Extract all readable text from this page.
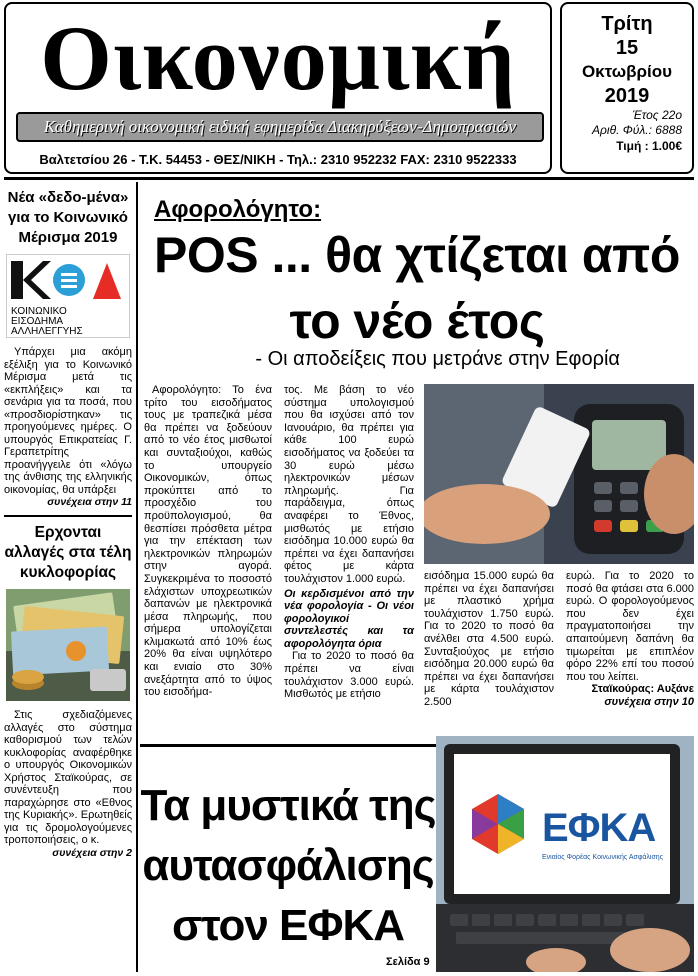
Οικονομική
Καθημερινή οικονομική ειδική εφημερίδα Διακηρύξεων-Δημοπρασιών
Βαλτετσίου 26 - Τ.Κ. 54453 - ΘΕΣ/ΝΙΚΗ - Τηλ.: 2310 952232 FAX: 2310 9522333
Τρίτη
15
Οκτωβρίου
2019
Έτος 22ο
Αριθ. Φύλ.: 6888
Τιμή : 1.00€
Νέα «δεδο-μένα» για το Κοινωνικό Μέρισμα 2019
ΚΟΙΝΩΝΙΚΟ
ΕΙΣΟΔΗΜΑ
ΑΛΛΗΛΕΓΓΥΗΣ
Υπάρχει μια ακόμη εξέλιξη για το Κοινωνικό Μέρισμα μετά τις «εκπλήξεις» και τα σενάρια για τα ποσά, που «προσδιορίστηκαν» τις προηγούμενες ημέρες. Ο υπουργός Επικρατείας Γ. Γεραπετρίτης προανήγγειλε ότι «λόγω της άνθισης της ελληνικής οικονομίας, θα υπάρξει
συνέχεια στην 11
Ερχονται αλλαγές στα τέλη κυκλοφορίας
Στις σχεδιαζόμενες αλλαγές στο σύστημα καθορισμού των τελών κυκλοφορίας αναφέρθηκε ο υπουργός Οικονομικών Χρήστος Σταϊκούρας, σε συνέντευξη που παραχώρησε στο «Εθνος της Κυριακής». Ερωτηθείς για τις δρομολογούμενες τροποποιήσεις, ο κ.
συνέχεια στην 2
Αφορολόγητο:
POS ... θα χτίζεται από
το νέο έτος
- Οι αποδείξεις που μετράνε στην Εφορία
Αφορολόγητο: Το ένα τρίτο του εισοδήματος τους με τραπεζικά μέσα θα πρέπει να ξοδεύουν από το νέο έτος μισθωτοί και συνταξιούχοι, καθώς το υπουργείο Οικονομικών, όπως προκύπτει από το προσχέδιο του προϋπολογισμού, θα θεσπίσει πρόσθετα μέτρα για την επέκταση των ηλεκτρονικών πληρωμών στην αγορά. Συγκεκριμένα το ποσοστό ελάχιστων υποχρεωτικών δαπανών με ηλεκτρονικά μέσα πληρωμής, που σήμερα υπολογίζεται κλιμακωτά από 10% έως 20% θα είναι υψηλότερο και ενιαίο στο 30% ανεξάρτητα από το ύψος του εισοδήμα-
τος. Με βάση το νέο σύστημα υπολογισμού που θα ισχύσει από τον Ιανουάριο, θα πρέπει για κάθε 100 ευρώ εισοδήματος να ξοδεύει τα 30 ευρώ μέσω ηλεκτρονικών μέσων πληρωμής. Για παράδειγμα, όπως αναφέρει το Έθνος, μισθωτός με ετήσιο εισόδημα 10.000 ευρώ θα πρέπει να έχει δαπανήσει φέτος με κάρτα τουλάχιστον 1.000 ευρώ.
Οι κερδισμένοι από την νέα φορολογία - Οι νέοι φορολογικοί συντελεστές και τα αφορολόγητα όρια
Για το 2020 το ποσό θα πρέπει να είναι τουλάχιστον 3.000 ευρώ. Μισθωτός με ετήσιο
εισόδημα 15.000 ευρώ θα πρέπει να έχει δαπανήσει με πλαστικό χρήμα τουλάχιστον 1.750 ευρώ. Για το 2020 το ποσό θα ανέλθει στα 4.500 ευρώ. Συνταξιούχος με ετήσιο εισόδημα 20.000 ευρώ θα πρέπει να έχει δαπανήσει με κάρτα τουλάχιστον 2.500
ευρώ. Για το 2020 το ποσό θα φτάσει στα 6.000 ευρώ. Ο φορολογούμενος που δεν έχει πραγματοποιήσει την απαιτούμενη δαπάνη θα τιμωρείται με επιπλέον φόρο 22% επί του ποσού που του λείπει.
Σταϊκούρας: Αυξάνε
συνέχεια στην 10
Τα μυστικά της αυτασφάλισης στον ΕΦΚΑ
Σελίδα 9
ΕΦΚΑ
Ενιαίος Φορέας Κοινωνικής Ασφάλισης
